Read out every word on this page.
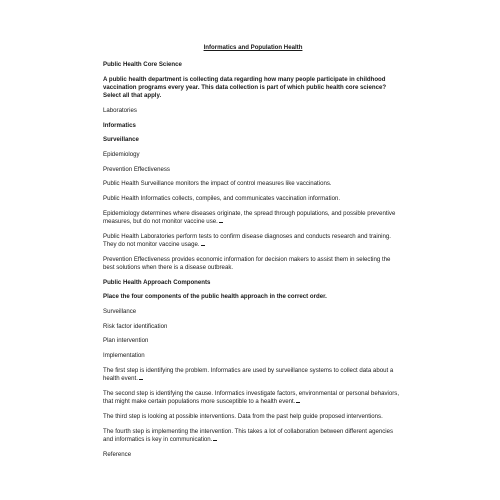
Informatics and Population Health
Public Health Core Science
A public health department is collecting data regarding how many people participate in childhood vaccination programs every year. This data collection is part of which public health core science? Select all that apply.
Laboratories
Informatics
Surveillance
Epidemiology
Prevention Effectiveness
Public Health Surveillance monitors the impact of control measures like vaccinations.
Public Health Informatics collects, compiles, and communicates vaccination information.
Epidemiology determines where diseases originate, the spread through populations, and possible preventive measures, but do not monitor vaccine use.
Public Health Laboratories perform tests to confirm disease diagnoses and conducts research and training. They do not monitor vaccine usage.
Prevention Effectiveness provides economic information for decision makers to assist them in selecting the best solutions when there is a disease outbreak.
Public Health Approach Components
Place the four components of the public health approach in the correct order.
Surveillance
Risk factor identification
Plan intervention
Implementation
The first step is identifying the problem. Informatics are used by surveillance systems to collect data about a health event.
The second step is identifying the cause. Informatics investigate factors, environmental or personal behaviors, that might make certain populations more susceptible to a health event.
The third step is looking at possible interventions. Data from the past help guide proposed interventions.
The fourth step is implementing the intervention. This takes a lot of collaboration between different agencies and informatics is key in communication.
Reference
